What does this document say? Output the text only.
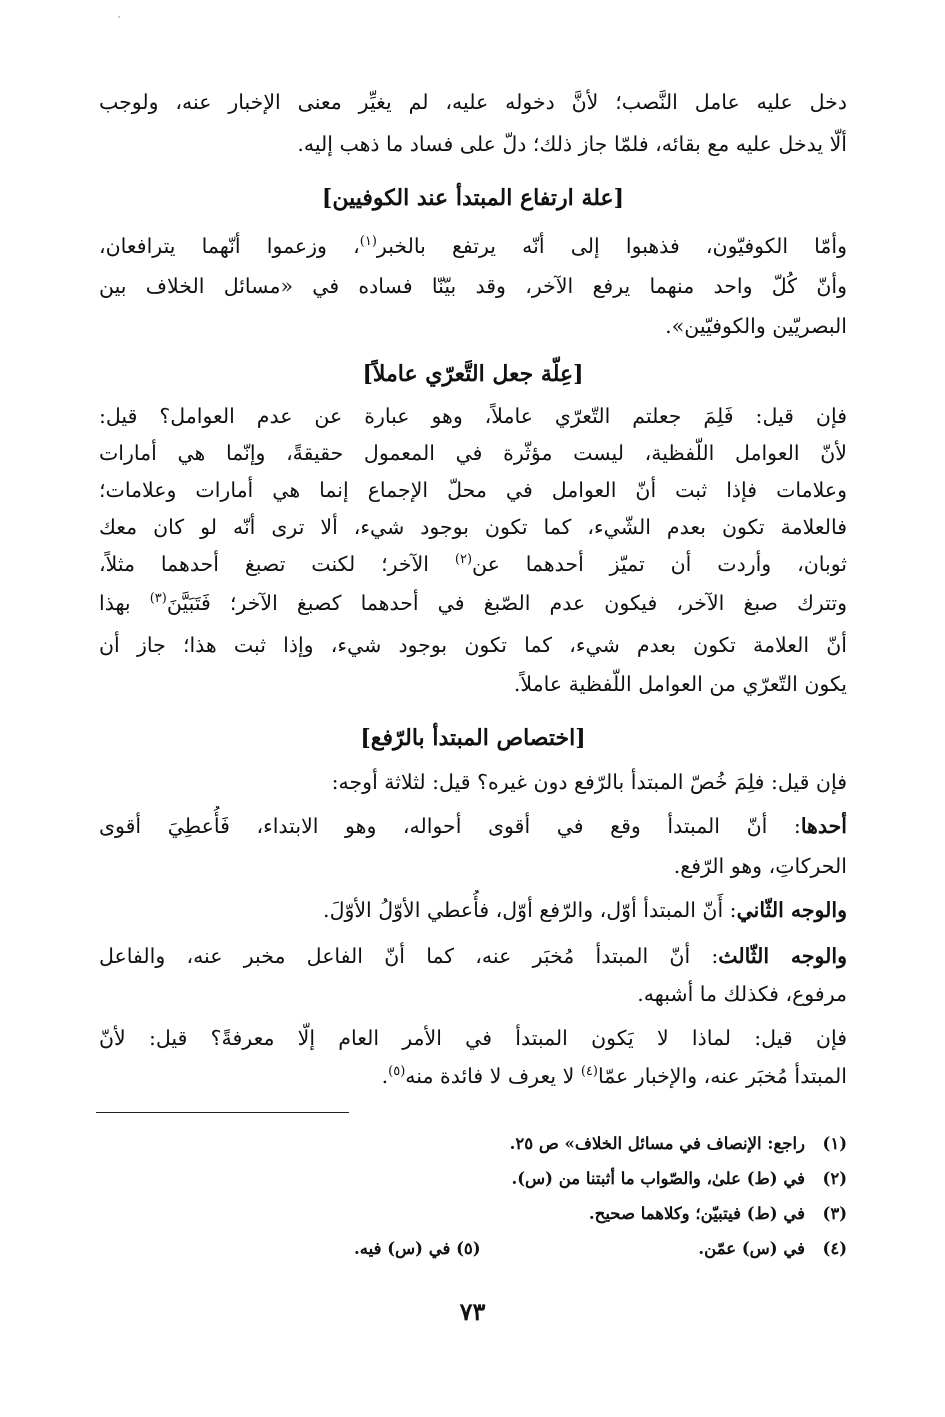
دخل عليه عامل النَّصب؛ لأنَّ دخوله عليه، لم يغيِّر معنى الإخبار عنه، ولوجب
ألّا يدخل عليه مع بقائه، فلمّا جاز ذلك؛ دلّ على فساد ما ذهب إليه.
[علة ارتفاع المبتدأ عند الكوفيين]
وأمّا الكوفيّون، فذهبوا إلى أنّه يرتفع بالخبر$^{(١)}$، وزعموا أنّهما يترافعان،
وأنّ كُلّ واحد منهما يرفع الآخر، وقد بيّنّا فساده في «مسائل الخلاف بين
البصريّين والكوفيّين».
[عِلّة جعل التَّعرّي عاملاً]
فإن قيل: فَلِمَ جعلتم التّعرّي عاملاً، وهو عبارة عن عدم العوامل؟ قيل:
لأنّ العوامل اللّفظية، ليست مؤثّرة في المعمول حقيقةً، وإنّما هي أمارات
وعلامات فإذا ثبت أنّ العوامل في محلّ الإجماع إنما هي أمارات وعلامات؛
فالعلامة تكون بعدم الشّيء، كما تكون بوجود شيء، ألا ترى أنّه لو كان معك
ثوبان، وأردت أن تميّز أحدهما عن$^{(٢)}$ الآخر؛ لكنت تصبغ أحدهما مثلاً،
وتترك صبغ الآخر، فيكون عدم الصّبغ في أحدهما كصبغ الآخر؛ فَتَبَيَّنَ$^{(٣)}$ بهذا
أنّ العلامة تكون بعدم شيء، كما تكون بوجود شيء، وإذا ثبت هذا؛ جاز أن
يكون التّعرّي من العوامل اللّفظية عاملاً.
[اختصاص المبتدأ بالرّفع]
فإن قيل: فلِمَ خُصّ المبتدأ بالرّفع دون غيره؟ قيل: لثلاثة أوجه:
أحدها: أنّ المبتدأ وقع في أقوى أحواله، وهو الابتداء، فَأُعطِيَ أقوى
الحركاتِ، وهو الرّفع.
والوجه الثّاني: أَنّ المبتدأ أوّل، والرّفع أوّل، فأُعطي الأوّلُ الأوّلَ.
والوجه الثّالث: أنّ المبتدأ مُخبَر عنه، كما أنّ الفاعل مخبر عنه، والفاعل
مرفوع، فكذلك ما أشبهه.
فإن قيل: لماذا لا يَكون المبتدأ في الأمر العام إلّا معرفةً؟ قيل: لأنّ
المبتدأ مُخبَر عنه، والإخبار عمّا$^{(٤)}$ لا يعرف لا فائدة منه$^{(٥)}$.
(١)راجع: الإنصاف في مسائل الخلاف» ص ٢٥.
(٢)في (ط) علىٰ، والصّواب ما أثبتنا من (س).
(٣)في (ط) فيتبيّن؛ وكلاهما صحيح.
(٤)في (س) عمّن.
(٥) في (س) فيه.
٧٣
